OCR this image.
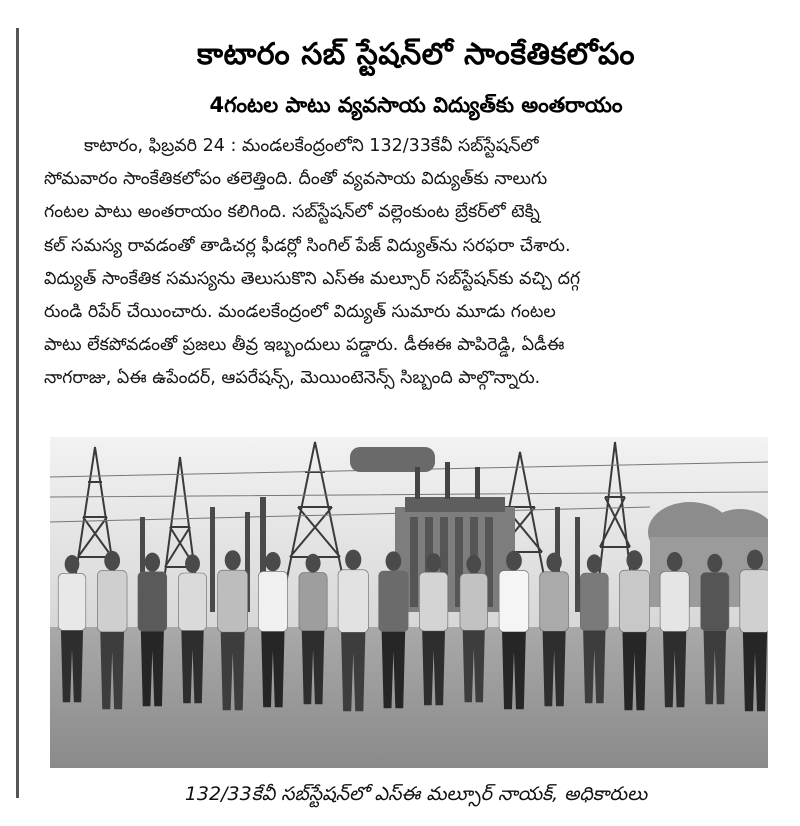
కాటారం సబ్ స్టేషన్‌లో సాంకేతికలోపం
4గంటల పాటు వ్యవసాయ విద్యుత్‌కు అంతరాయం
కాటారం, ఫిబ్రవరి 24 : మండలకేంద్రంలోని 132/33కేవీ సబ్‌స్టేషన్‌లో
సోమవారం సాంకేతికలోపం తలెత్తింది. దీంతో వ్యవసాయ విద్యుత్‌కు నాలుగు
గంటల పాటు అంతరాయం కలిగింది. సబ్‌స్టేషన్‌లో వల్లెంకుంట బ్రేకర్‌లో టెక్ని
కల్ సమస్య రావడంతో తాడిచర్ల ఫీడర్లో సింగిల్ పేజ్ విద్యుత్‌ను సరఫరా చేశారు.
విద్యుత్ సాంకేతిక సమస్యను తెలుసుకొని ఎస్‌ఈ మల్సూర్ సబ్‌స్టేషన్‌కు వచ్చి దగ్గ
రుండి రిపేర్ చేయించారు. మండలకేంద్రంలో విద్యుత్ సుమారు మూడు గంటల
పాటు లేకపోవడంతో ప్రజలు తీవ్ర ఇబ్బందులు పడ్డారు. డీఈఈ పాపిరెడ్డి, ఏడీఈ
నాగరాజు, ఏఈ ఉపేందర్, ఆపరేషన్స్, మెయింటెనెన్స్ సిబ్బంది పాల్గొన్నారు.
132/33కేవీ సబ్‌స్టేషన్‌లో ఎస్‌ఈ మల్సూర్ నాయక్, అధికారులు
